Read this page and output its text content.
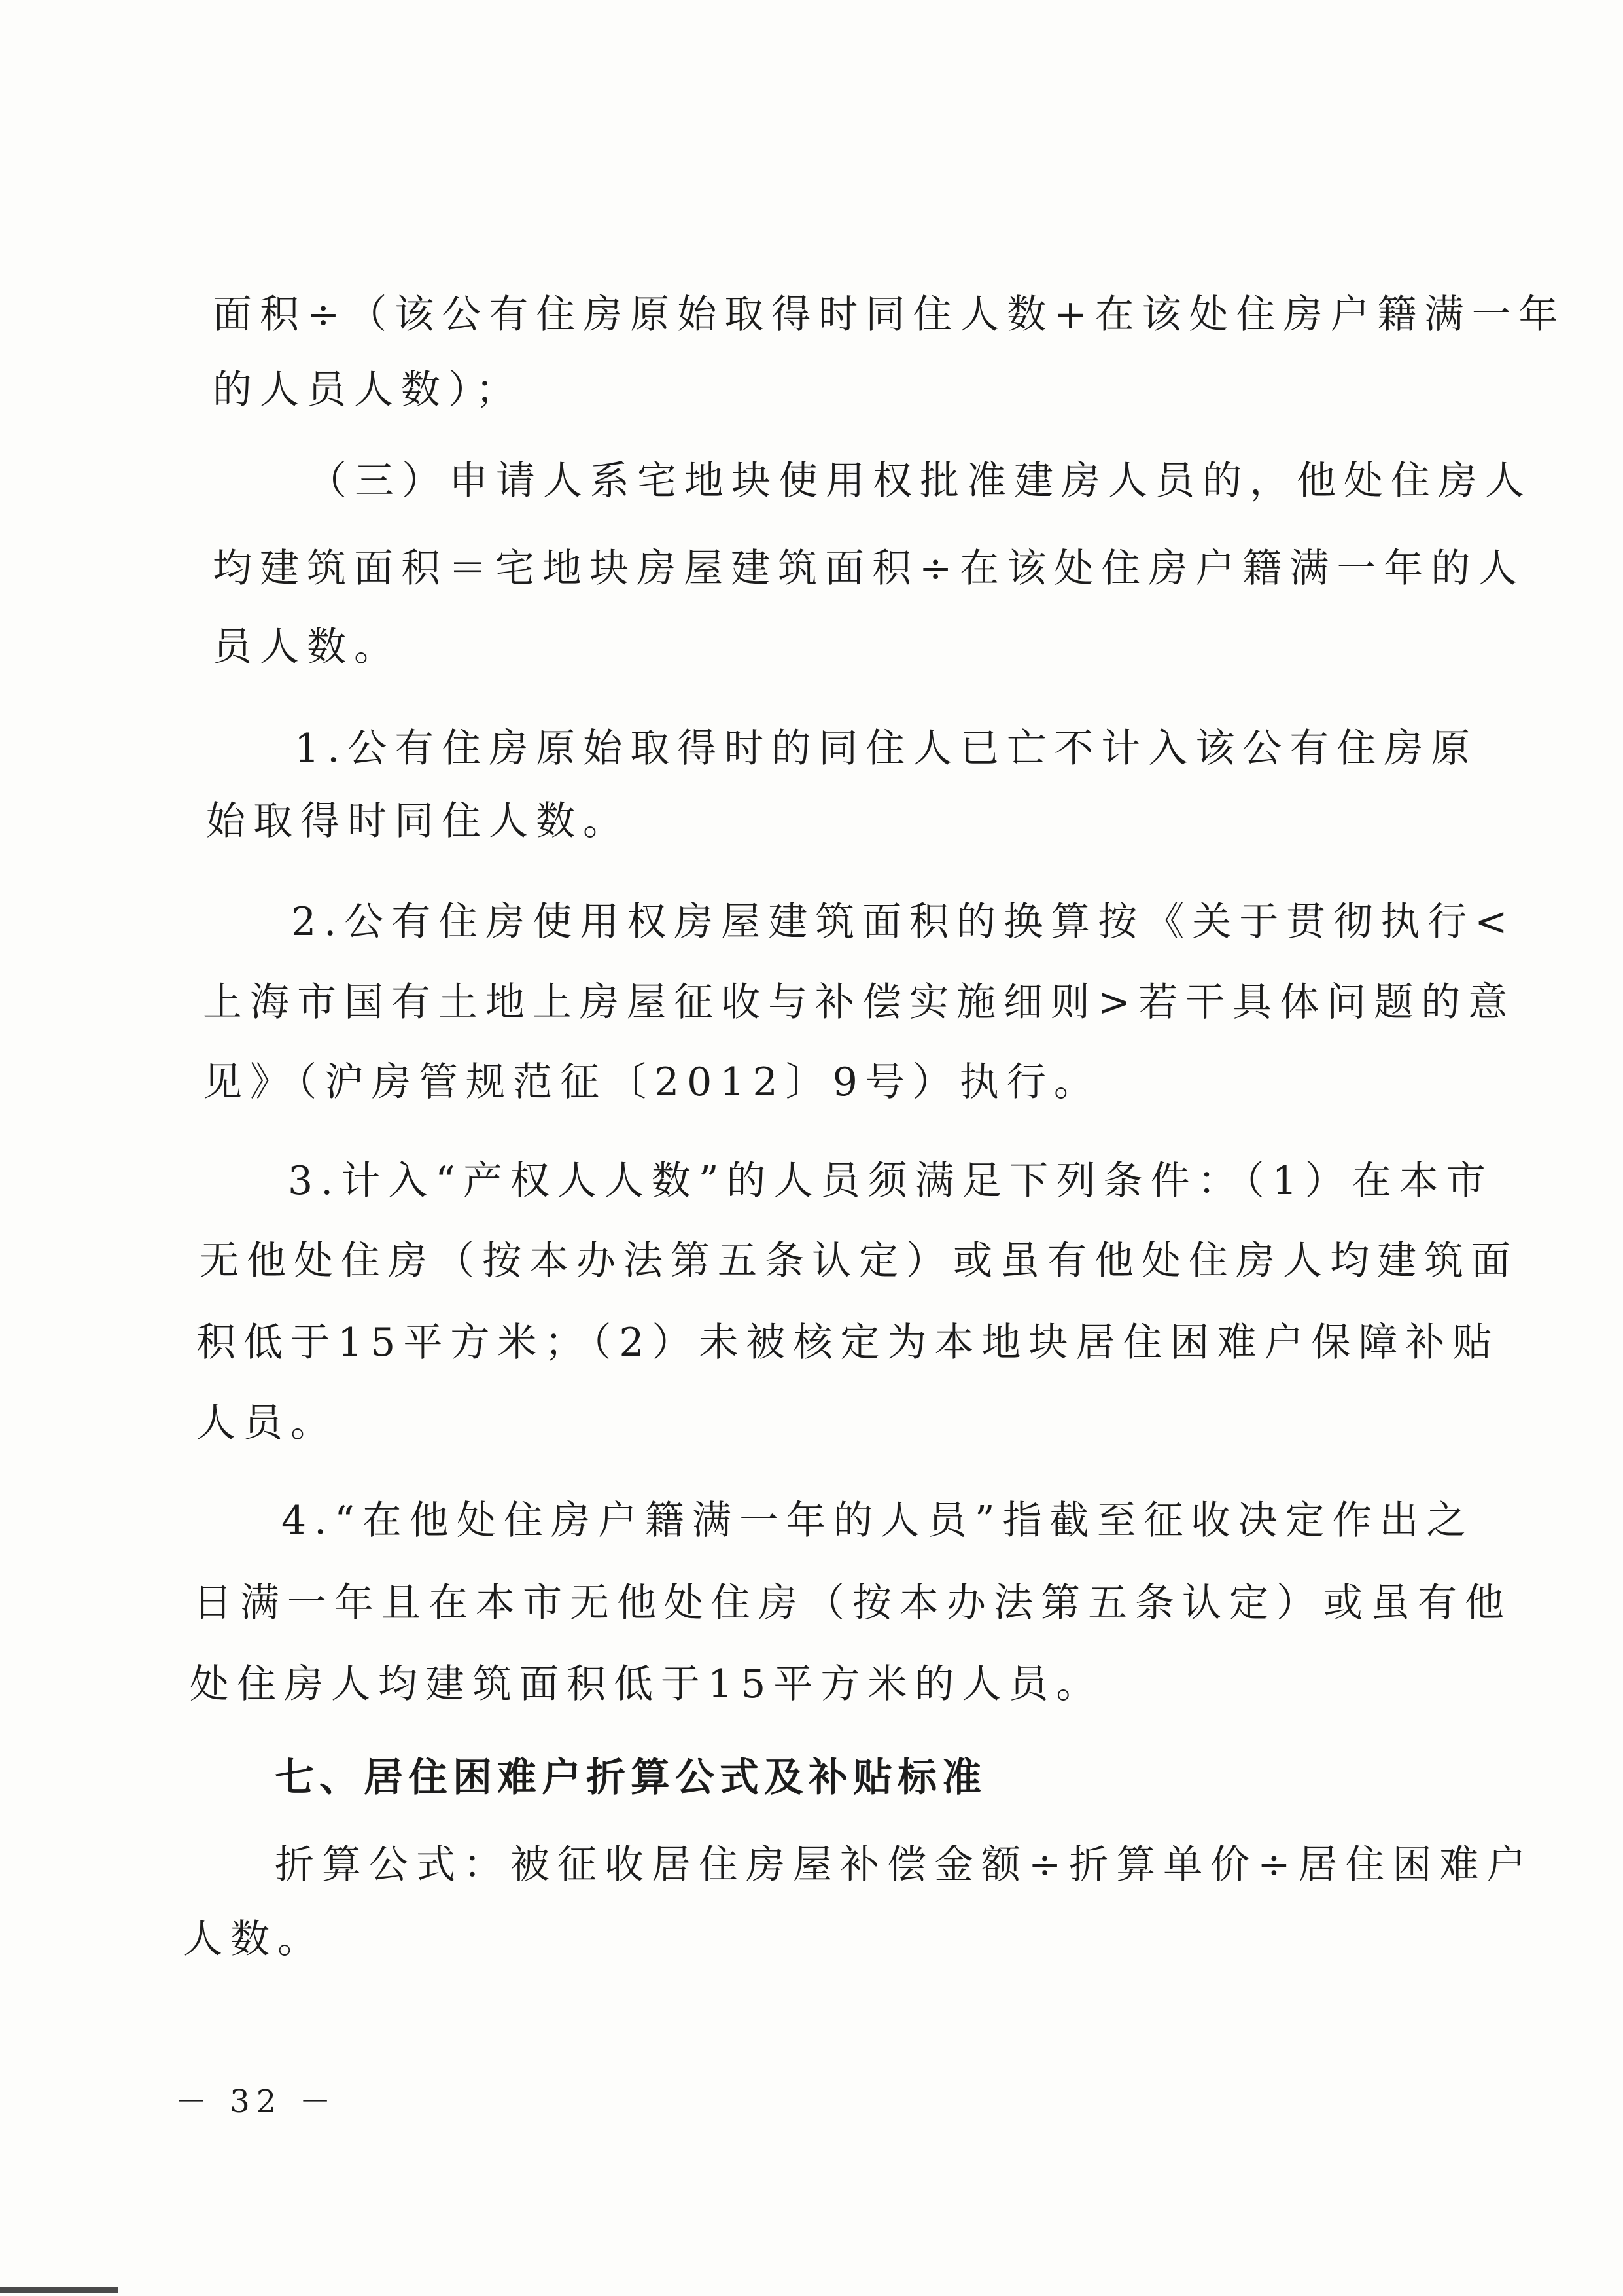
面积÷（该公有住房原始取得时同住人数+在该处住房户籍满一年
的人员人数）；
（三）申请人系宅地块使用权批准建房人员的，他处住房人
均建筑面积＝宅地块房屋建筑面积÷在该处住房户籍满一年的人
员人数。
1.公有住房原始取得时的同住人已亡不计入该公有住房原
始取得时同住人数。
2.公有住房使用权房屋建筑面积的换算按《关于贯彻执行<
上海市国有土地上房屋征收与补偿实施细则>若干具体问题的意
见》（沪房管规范征〔2012〕9号）执行。
3.计入“产权人人数”的人员须满足下列条件：（1）在本市
无他处住房（按本办法第五条认定）或虽有他处住房人均建筑面
积低于15平方米；（2）未被核定为本地块居住困难户保障补贴
人员。
4.“在他处住房户籍满一年的人员”指截至征收决定作出之
日满一年且在本市无他处住房（按本办法第五条认定）或虽有他
处住房人均建筑面积低于15平方米的人员。
七、居住困难户折算公式及补贴标准
折算公式：被征收居住房屋补偿金额÷折算单价÷居住困难户
人数。
－ 32 －
